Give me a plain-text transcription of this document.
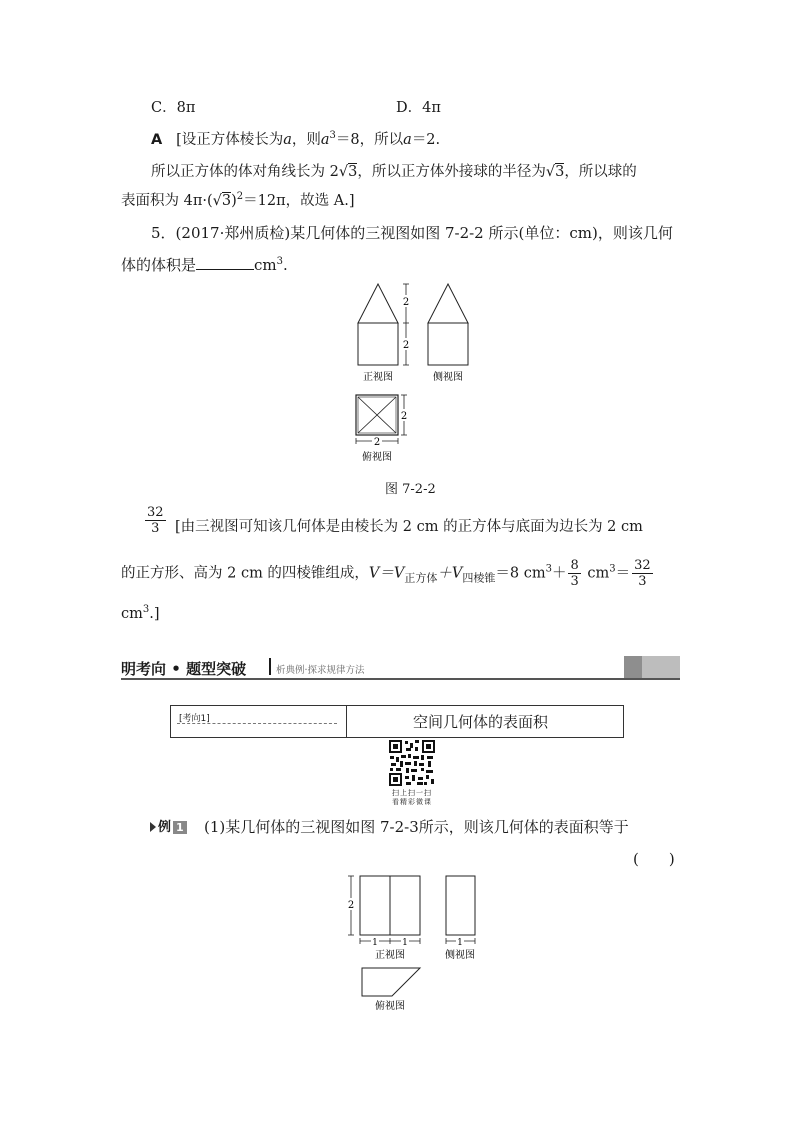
C．8π	D．4π
A [设正方体棱长为a，则$a^3=8$，所以a＝2.
所以正方体的体对角线长为 2√3，所以正方体外接球的半径为√3，所以球的
表面积为 $4\pi\cdot(√3)^2=12\pi$，故选 A.]
5．(2017·郑州质检)某几何体的三视图如图 7-2-2 所示(单位：cm)，则该几何
体的体积是	$cm^3$.
2
2
正视图	侧视图
2
2
俯视图
图 7-2-2
$\frac{32}{3}$ [由三视图可知该几何体是由棱长为 2 cm 的正方体与底面为边长为 2 cm
的正方形、高为 2 cm 的四棱锥组成，$V=V_{正方体}+V_{四棱锥}=8$ $cm^3+ \frac{8}{3} cm^3= \frac{32}{3}$
$cm^3$.]
明考向 • 题型突破	析典例·探求规律方法
[考向1]	空间几何体的表面积
扫上扫一扫 看精彩微课
例 1 (1)某几何体的三视图如图 7-2-3所示，则该几何体的表面积等于
(　　)
2
1	1
正视图
1
侧视图
俯视图
